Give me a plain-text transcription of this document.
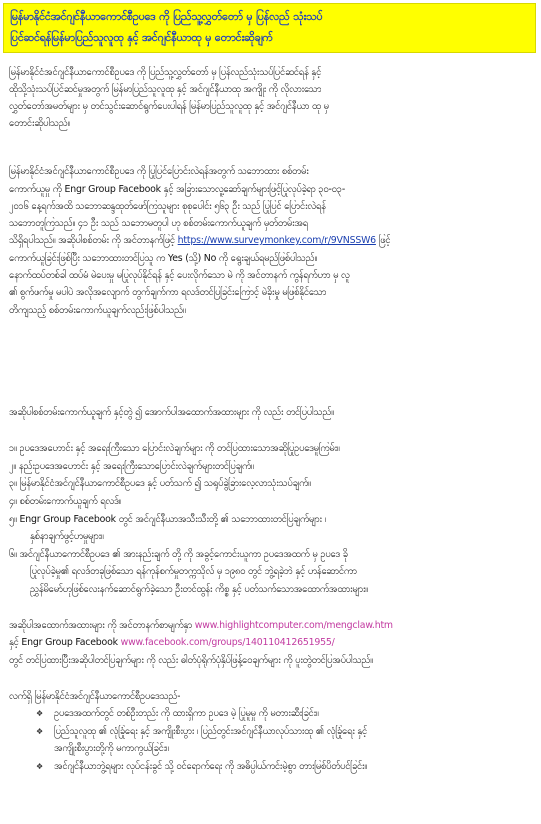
မြန်မာနိုင်ငံအင်ဂျင်နီယာကောင်စီဥပဒေ ကို ပြည်သူ့လွှတ်တော် မှ ပြန်လည် သုံးသပ်
ပြင်ဆင်ရန်မြန်မာပြည်သူလူထု နှင့် အင်ဂျင်နီယာထု မှ တောင်းဆိုချက်
မြန်မာနိုင်ငံအင်ဂျင်နီယာကောင်စီဥပဒေ ကို ပြည်သူ့လွှတ်တော် မှ ပြန်လည်သုံးသပ်ပြင်ဆင်ရန် နှင့်
ထိုသို့သုံးသပ်ပြင်ဆင်မှုအတွက် မြန်မာပြည်သူလူထု နှင့် အင်ဂျင်နီယာထု အကျိုး ကို လိုလားသော
လွှတ်တော်အမတ်များ မှ တင်သွင်းဆောင်ရွက်ပေးပါရန် မြန်မာပြည်သူလူထု နှင့် အင်ဂျင်နီယာ ထု မှ
တောင်းဆိုပါသည်။
မြန်မာနိုင်ငံအင်ဂျင်နီယာကောင်စီဥပဒေ ကို ပြုပြင်ပြောင်းလဲရန်အတွက် သဘောထား စစ်တမ်း
ကောက်ယူမှု ကို Engr Group Facebook နှင့် အခြားသောလူ့ဆော်ချက်များဖြင့်ပြုလုပ်ခဲ့ရာ ၃၀-၀၃-
၂၀၁၆ နေ့ရက်အထိ သဘောဆန္ဒထုတ်ဖော်ကြသူများ စုစုပေါင်း ၅၆၃ ဦး သည် ပြုပြင် ပြောင်းလဲရန်
သဘောတူကြသည်။ ၄၁ ဦး သည် သဘောမတူပါ ဟု စစ်တမ်းကောက်ယူချက် မှတ်တမ်းအရ
သိရှိရပါသည်။ အဆိုပါစစ်တမ်း ကို အင်တာနက်ဖြင့် https://www.surveymonkey.com/r/9VNSSW6 ဖြင့်
ကောက်ယူခြင်းဖြစ်ပြီး သဘောထားတင်ပြသူ က Yes (သို့) No ကို ရွေးချယ်ရမည်ဖြစ်ပါသည်။
နောက်ထပ်တစ်ခါ ထပ်မံ မဲပေးမှု မပြုလုပ်နိုင်ရန် နှင့် ပေးလိုက်သော မဲ ကို အင်တာနက် ကွန်ရက်ဟာ မှ လူ
၏ စွက်ဖက်မှု မပါပဲ အလိုအလျောက် တွက်ချက်ကာ ရလဒ်တင်ပြခြင်းကြောင့် မဲခိုးမှု မဖြစ်နိုင်သော
တိကျသည့် စစ်တမ်းကောက်ယူချက်လည်းဖြစ်ပါသည်။
အဆိုပါစစ်တမ်းကောက်ယူချက် နှင့်တွဲ ၍ အောက်ပါအထောက်အထားများ ကို လည်း တင်ပြပါသည်။
၁။ ဥပဒေအဟောင်း နှင့် အရေးကြီးသော ပြောင်းလဲချက်များ ကို တင်ပြထားသောအဆိုပြုဥပဒေမူကြမ်း။
၂။ နည်းဥပဒေအဟောင်း နှင့် အရေးကြီးသောပြောင်းလဲချက်များတင်ပြချက်။
၃။ မြန်မာနိုင်ငံအင်ဂျင်နီယာကောင်စီဥပဒေ နှင့် ပတ်သက် ၍ သရုပ်ခွဲခြားလေ့လာသုံးသပ်ချက်။
၄။ စစ်တမ်းကောက်ယူချက် ရလဒ်။
၅။ Engr Group Facebook တွင် အင်ဂျင်နီယာအသီးသီးတို့ ၏ သဘောထားတင်ပြချက်များ ၊
နှစ်နာချက်ဖွင့်ဟမှုများ။
၆။ အင်ဂျင်နီယာကောင်စီဥပဒေ ၏ အားနည်းချက် တို့ ကို အခွင့်ကောင်းယူကာ ဥပဒေအထက် မှ ဥပဒေ ခို
ပြုလုပ်ခဲ့မှု၏ ရလဒ်တခုဖြစ်သော ရန်ကုန်စက်မှုတက္ကသိုလ် မှ ၁၉၈၀ တွင် ဘွဲ့ရခဲ့ဘဲ နှင့် ဟန်ဆောင်ကာ
ညွှန်မိမော်ဟုဖြစ်လေးနက်ဆောင်ရွက်ခဲ့သော ဦးတင်ထွန်း ကိစ္စ နှင့် ပတ်သက်သောအထောက်အထားများ။
အဆိုပါအထောက်အထားများ ကို အင်တာနက်စာမျက်နှာ www.highlightcomputer.com/mengclaw.htm
နှင့် Engr Group Facebook www.facebook.com/groups/140110412651955/
တွင် တင်ပြထားပြီးအဆိုပါတင်ပြချက်များ ကို လည်း ဓါတ်ပုံရိုက်ပုံနှိပ်ဖြန့်ဝေချက်များ ကို ပူးတွဲတင်ပြအပ်ပါသည်။
လက်ရှိ မြန်မာနိုင်ငံအင်ဂျင်နီယာကောင်စီဥပဒေသည်-
❖ ဥပဒေအထက်တွင် တစ်ဦးတည်း ကို ထားရှိကာ ဥပဒေ မဲ့ ပြုမူမှု ကို မတားဆီးခြင်း။
❖ ပြည်သူလူထု ၏ လုံခြုံရေး နှင့် အကျိုးစီးပွား ၊ ပြည်တွင်းအင်ဂျင်နီယာလုပ်သားထု ၏ လုံခြုံရေး နှင့်
အကျိုးစီးပွားတို့ကို မကာကွယ်ခြင်း။
❖ အင်ဂျင်နီယာဘွဲ့ရများ လုပ်ငန်းခွင် သို့ ဝင်ရောက်ရေး ကို အဓိပ္ပါယ်ကင်းမဲ့စွာ တားမြစ်ပိတ်ပင်ခြင်း။
